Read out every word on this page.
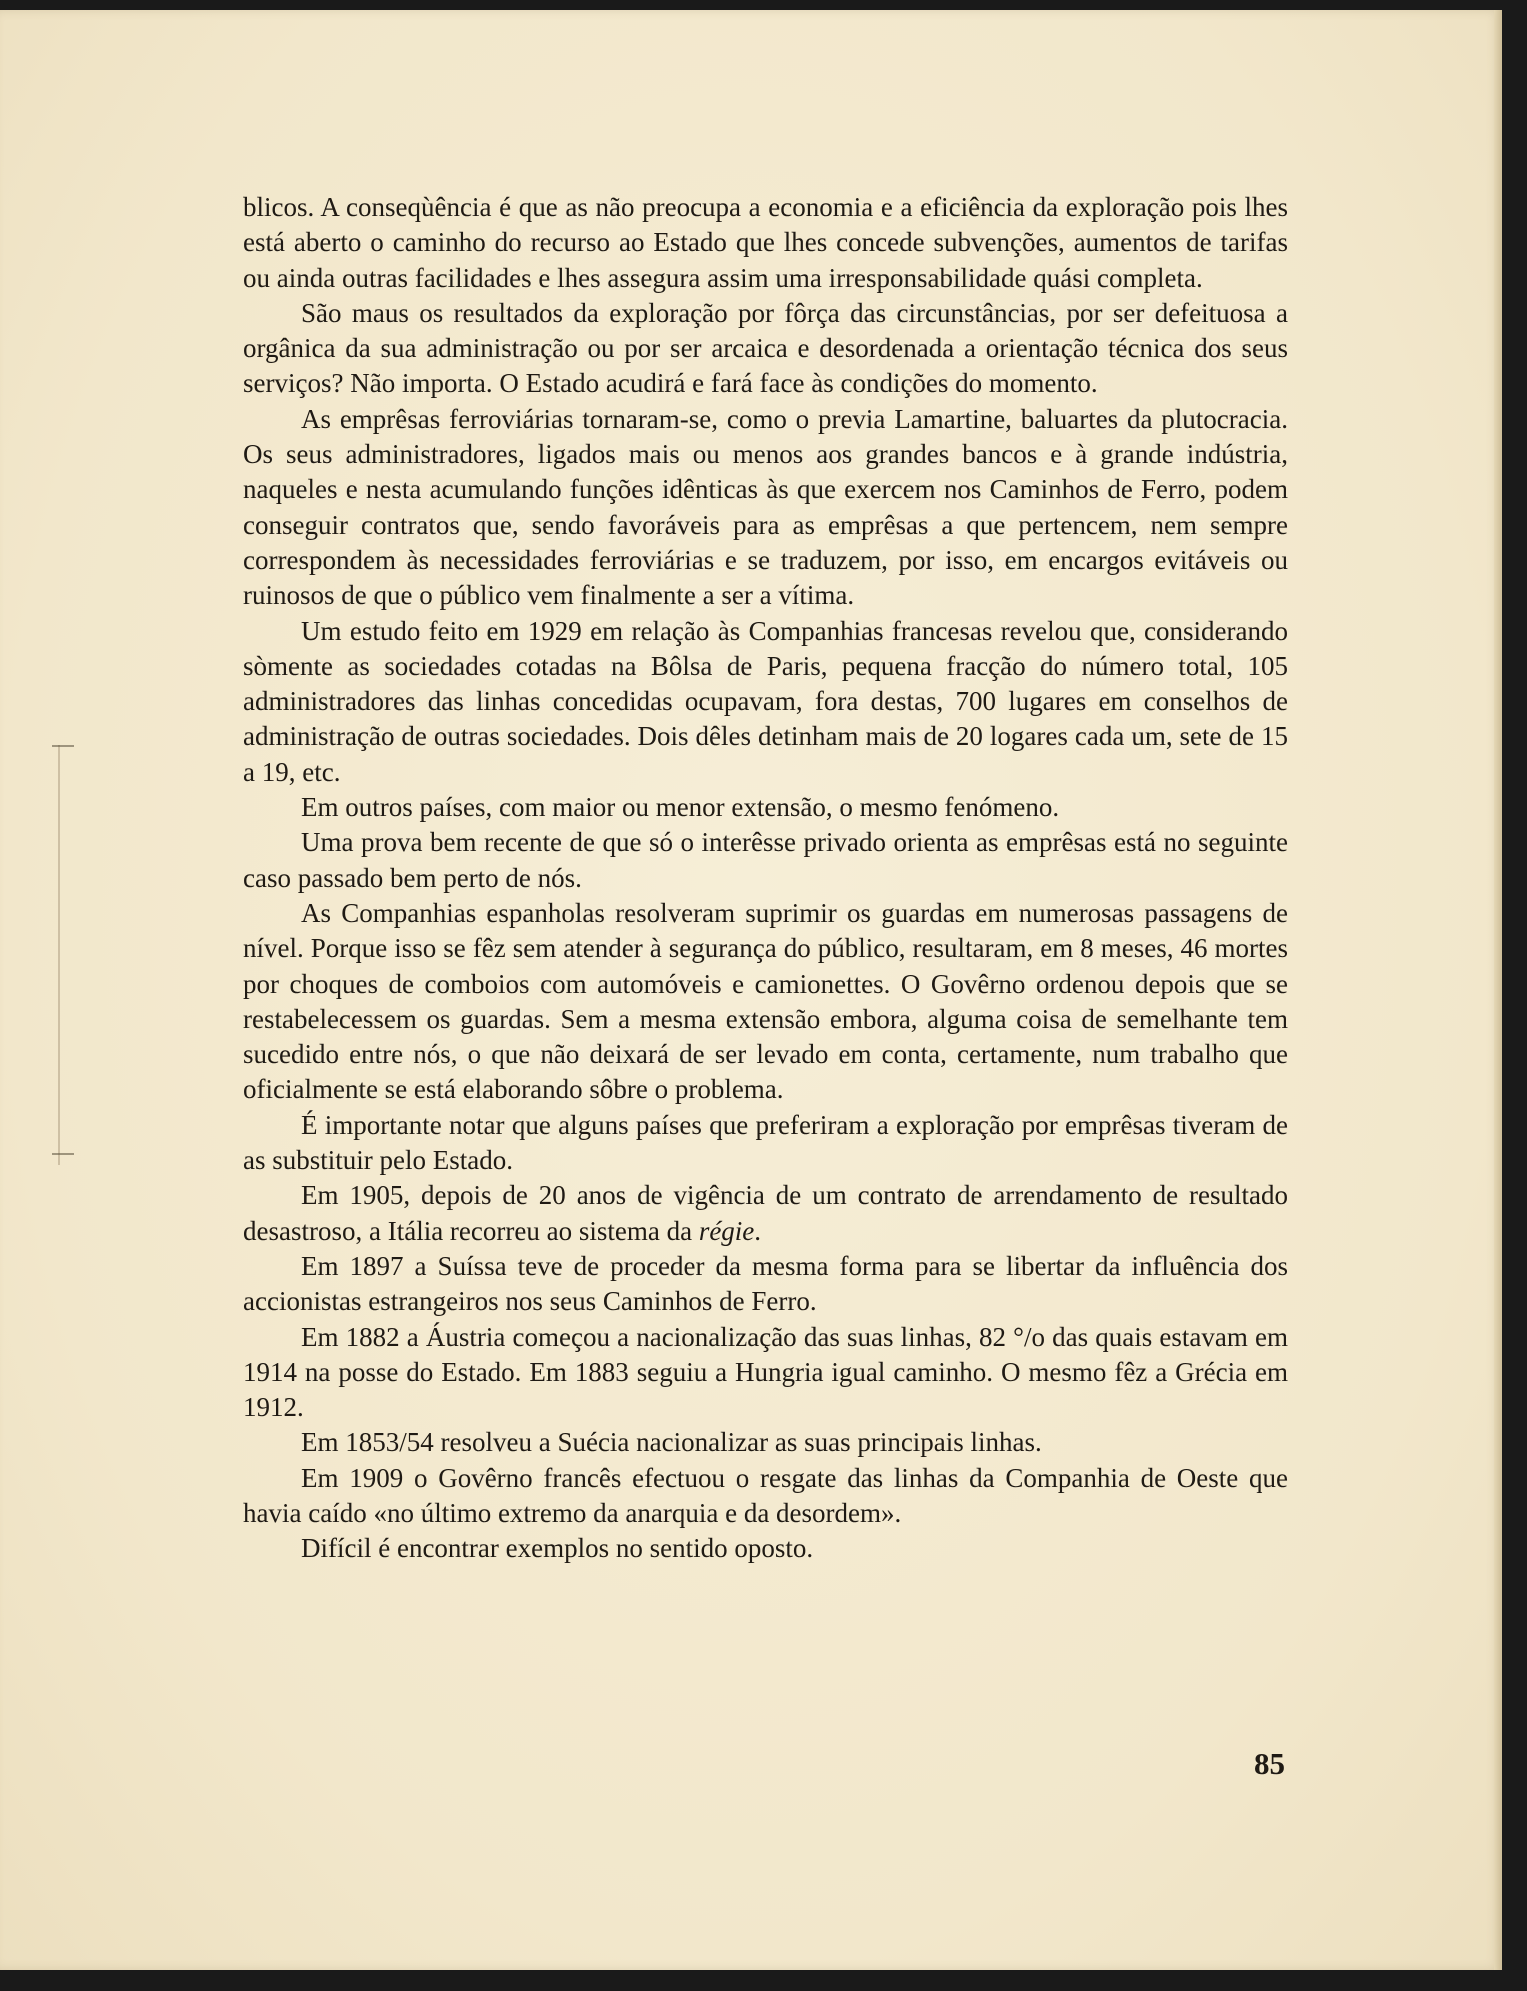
blicos. A conseqùência é que as não preocupa a economia e a eficiência da exploração pois lhes está aberto o caminho do recurso ao Estado que lhes concede subvenções, aumentos de tarifas ou ainda outras facilidades e lhes assegura assim uma irresponsabilidade quási completa.

São maus os resultados da exploração por fôrça das circunstâncias, por ser defeituosa a orgânica da sua administração ou por ser arcaica e desordenada a orientação técnica dos seus serviços? Não importa. O Estado acudirá e fará face às condições do momento.

As emprêsas ferroviárias tornaram-se, como o previa Lamartine, baluartes da plutocracia. Os seus administradores, ligados mais ou menos aos grandes bancos e à grande indústria, naqueles e nesta acumulando funções idênticas às que exercem nos Caminhos de Ferro, podem conseguir contratos que, sendo favoráveis para as emprêsas a que pertencem, nem sempre correspondem às necessidades ferroviárias e se traduzem, por isso, em encargos evitáveis ou ruinosos de que o público vem finalmente a ser a vítima.

Um estudo feito em 1929 em relação às Companhias francesas revelou que, considerando sòmente as sociedades cotadas na Bôlsa de Paris, pequena fracção do número total, 105 administradores das linhas concedidas ocupavam, fora destas, 700 lugares em conselhos de administração de outras sociedades. Dois dêles detinham mais de 20 logares cada um, sete de 15 a 19, etc.

Em outros países, com maior ou menor extensão, o mesmo fenómeno.

Uma prova bem recente de que só o interêsse privado orienta as emprêsas está no seguinte caso passado bem perto de nós.

As Companhias espanholas resolveram suprimir os guardas em numerosas passagens de nível. Porque isso se fêz sem atender à segurança do público, resultaram, em 8 meses, 46 mortes por choques de comboios com automóveis e camionettes. O Govêrno ordenou depois que se restabelecessem os guardas. Sem a mesma extensão embora, alguma coisa de semelhante tem sucedido entre nós, o que não deixará de ser levado em conta, certamente, num trabalho que oficialmente se está elaborando sôbre o problema.

É importante notar que alguns países que preferiram a exploração por emprêsas tiveram de as substituir pelo Estado.

Em 1905, depois de 20 anos de vigência de um contrato de arrendamento de resultado desastroso, a Itália recorreu ao sistema da régie.

Em 1897 a Suíssa teve de proceder da mesma forma para se libertar da influência dos accionistas estrangeiros nos seus Caminhos de Ferro.

Em 1882 a Áustria começou a nacionalização das suas linhas, 82 °/o das quais estavam em 1914 na posse do Estado. Em 1883 seguiu a Hungria igual caminho. O mesmo fêz a Grécia em 1912.

Em 1853/54 resolveu a Suécia nacionalizar as suas principais linhas.

Em 1909 o Govêrno francês efectuou o resgate das linhas da Companhia de Oeste que havia caído «no último extremo da anarquia e da desordem».

Difícil é encontrar exemplos no sentido oposto.

85
